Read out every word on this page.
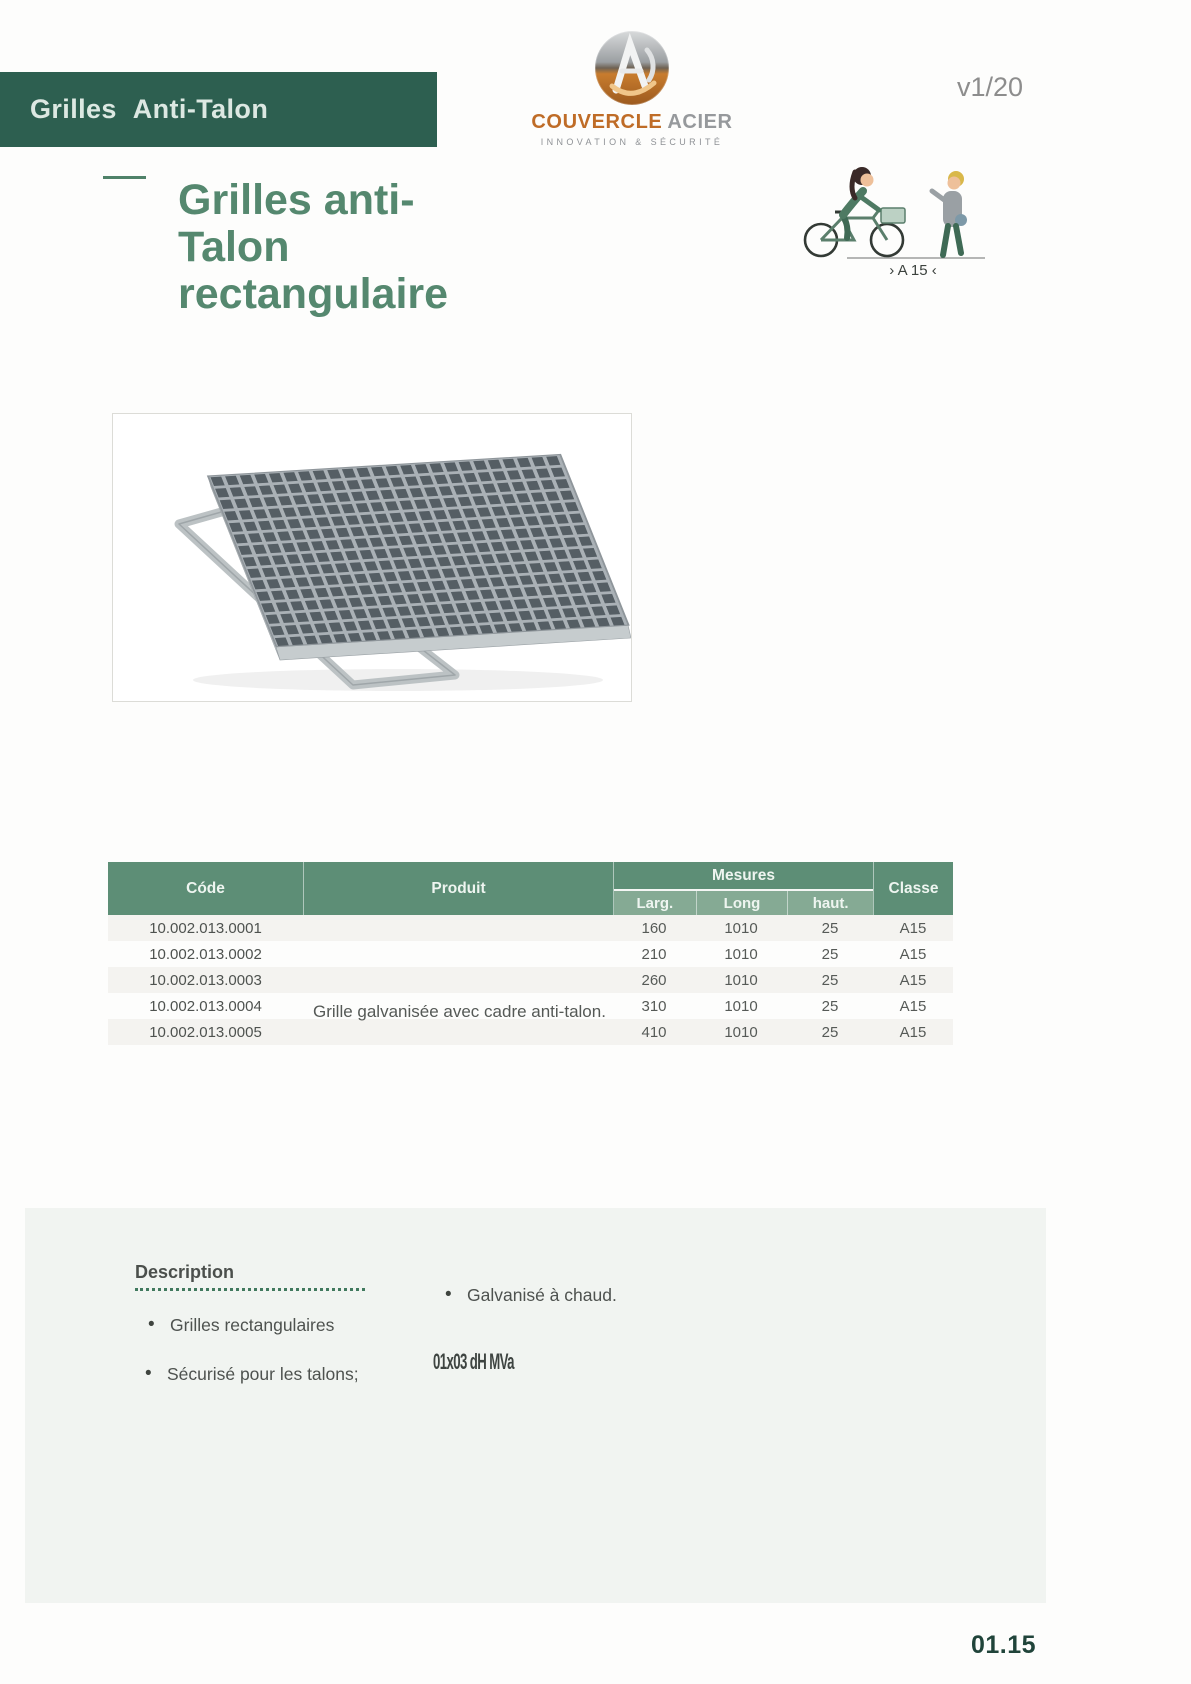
Grilles Anti-Talon	COUVERCLE ACIER
INNOVATION & SÉCURITÉ
v1/20
Grilles anti-
Talon
rectangulaire	› A 15 ‹
Códe	Produit
Mesures
Larg.	Long	haut.
Classe
10.002.013.0001	160	1010	25	A15
10.002.013.0002	210	1010	25	A15
10.002.013.0003	260	1010	25	A15
10.002.013.0004	310	1010	25	A15
10.002.013.0005	410	1010	25	A15
Grille galvanisée avec cadre anti-talon.
Description
• Grilles rectangulaires
• Sécurisé pour les talons;
• Galvanisé à chaud.
01x03 dH MVa
01.15
